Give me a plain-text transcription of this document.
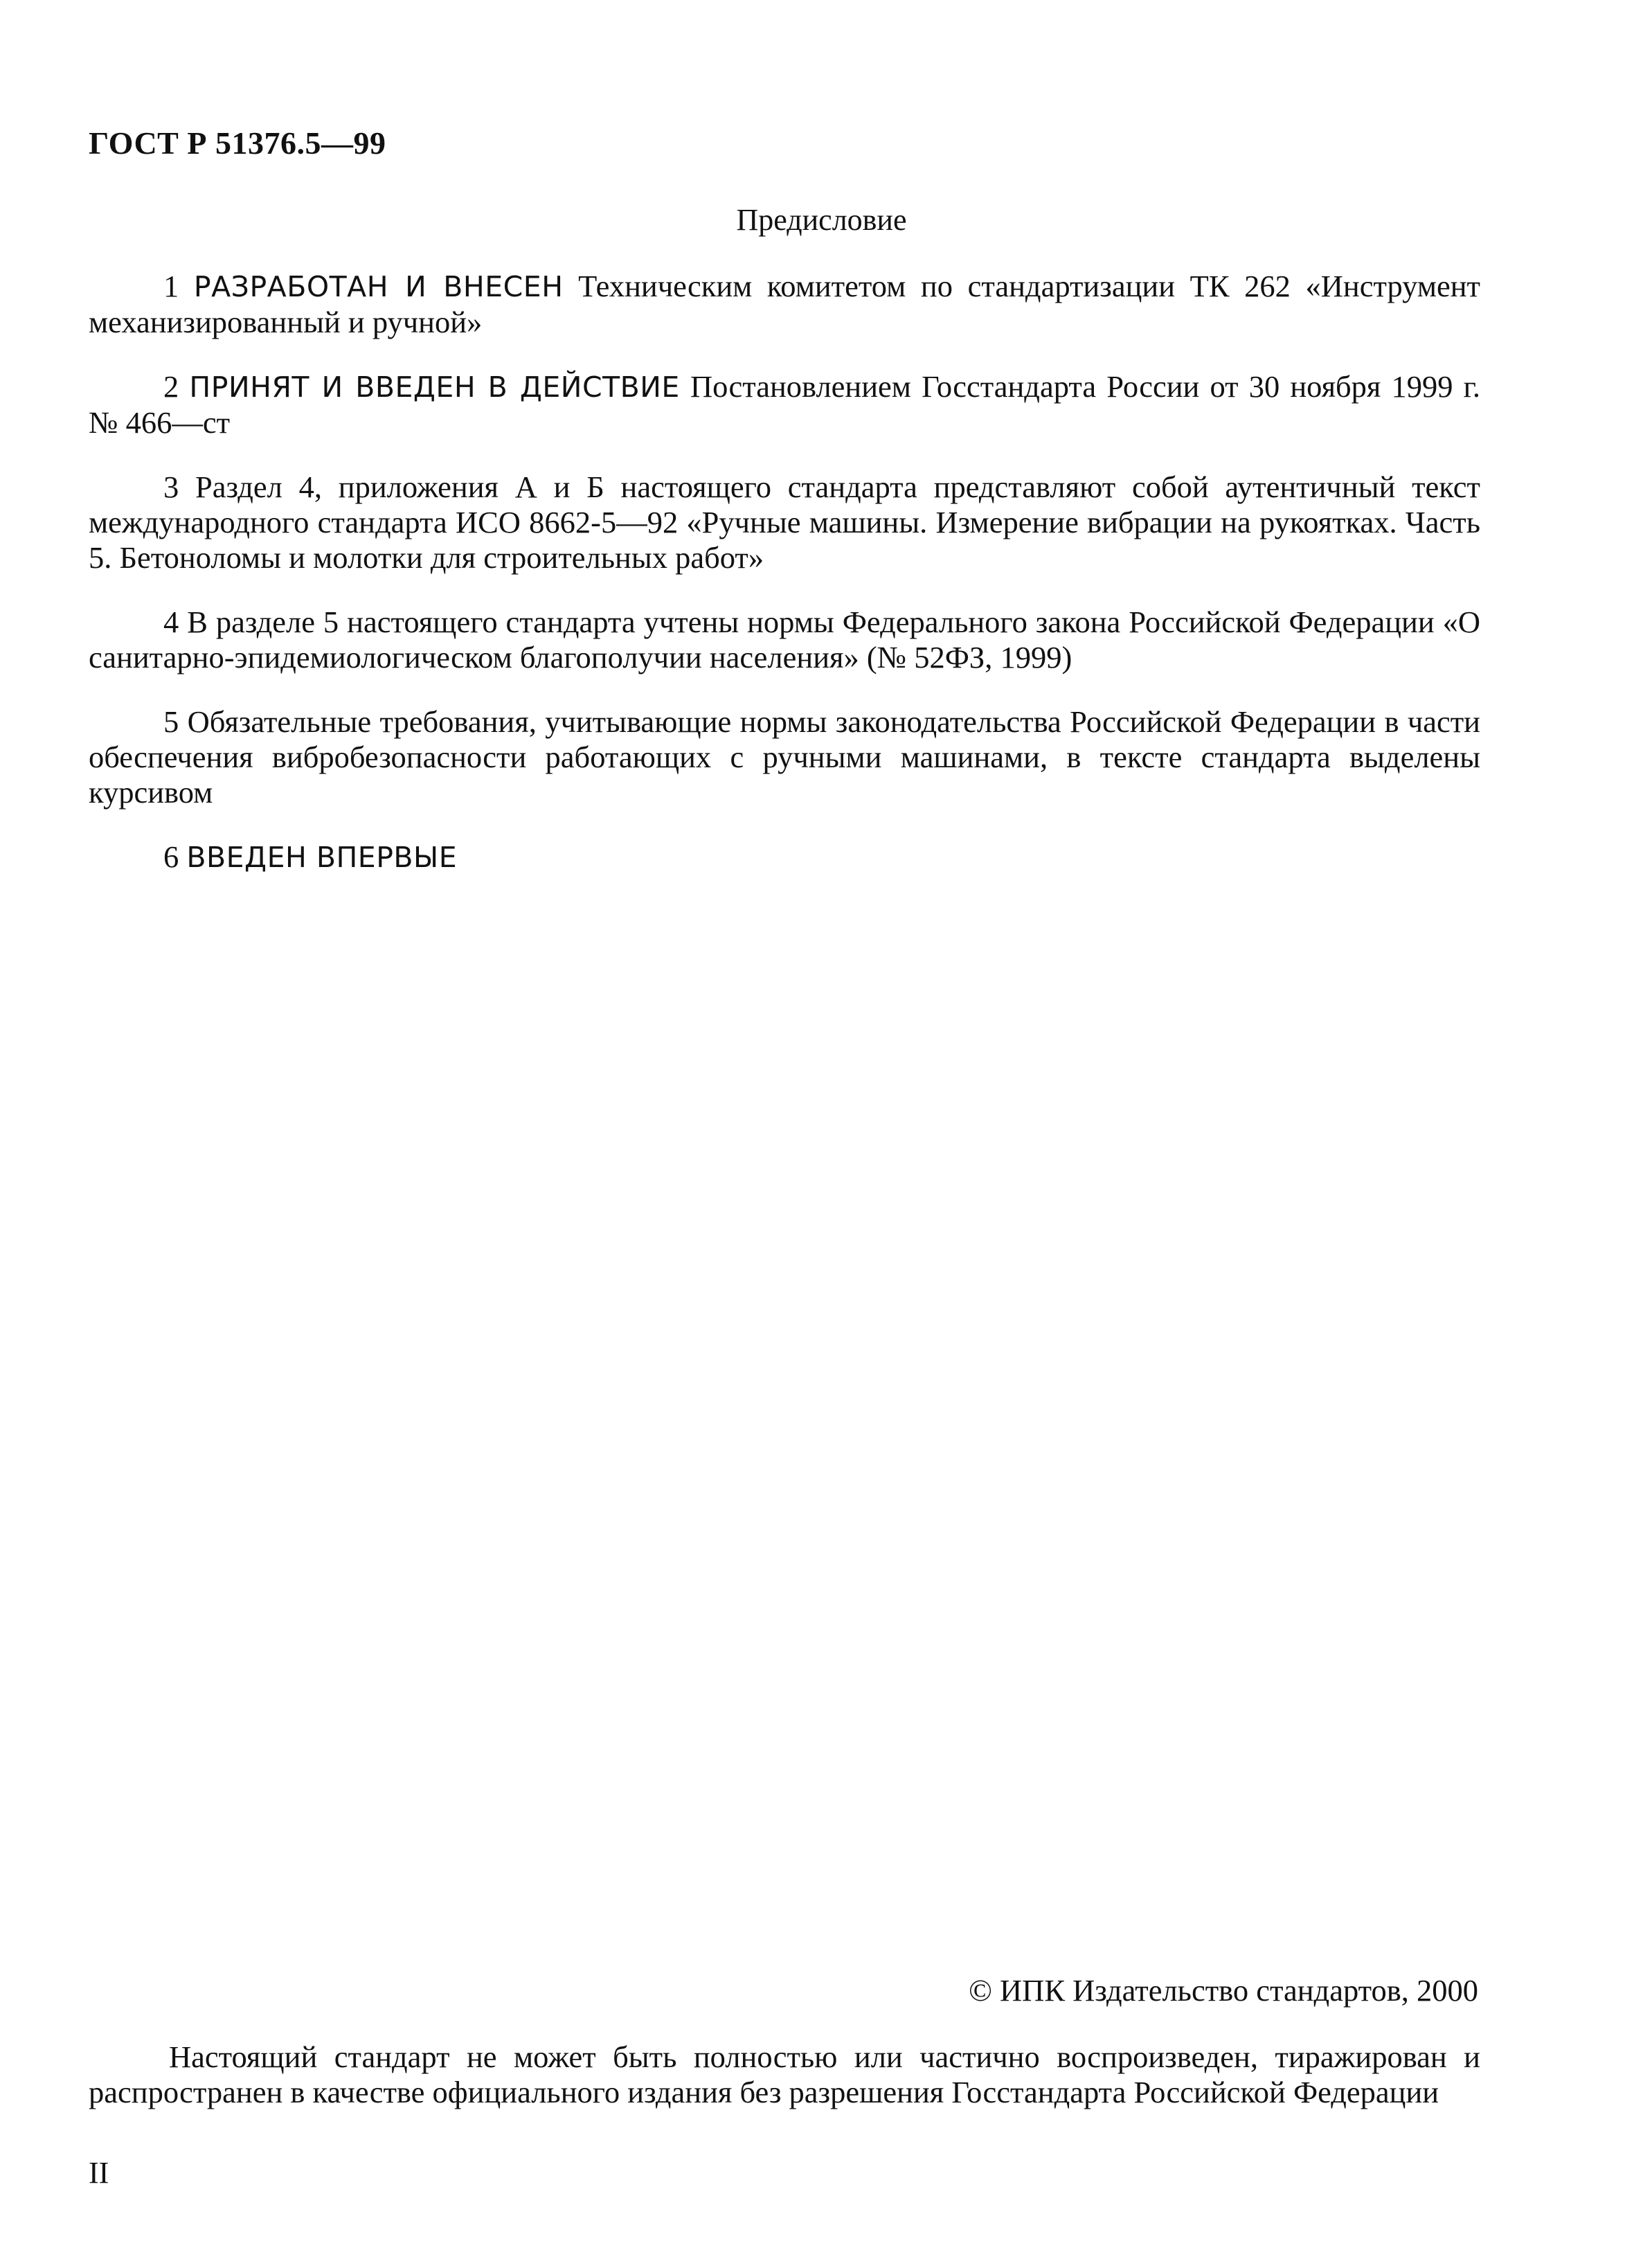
ГОСТ Р 51376.5—99
Предисловие

1 РАЗРАБОТАН И ВНЕСЕН Техническим комитетом по стандартизации ТК 262 «Инструмент механизированный и ручной»

2 ПРИНЯТ И ВВЕДЕН В ДЕЙСТВИЕ Постановлением Госстандарта России от 30 ноября 1999 г. № 466—ст

3 Раздел 4, приложения А и Б настоящего стандарта представляют собой аутентичный текст международного стандарта ИСО 8662-5—92 «Ручные машины. Измерение вибрации на рукоятках. Часть 5. Бетоноломы и молотки для строительных работ»

4 В разделе 5 настоящего стандарта учтены нормы Федерального закона Российской Федерации «О санитарно-эпидемиологическом благополучии населения» (№ 52ФЗ, 1999)

5 Обязательные требования, учитывающие нормы законодательства Российской Федерации в части обеспечения вибробезопасности работающих с ручными машинами, в тексте стандарта выделены курсивом

6 ВВЕДЕН ВПЕРВЫЕ

© ИПК Издательство стандартов, 2000
Настоящий стандарт не может быть полностью или частично воспроизведен, тиражирован и распространен в качестве официального издания без разрешения Госстандарта Российской Федерации
II
